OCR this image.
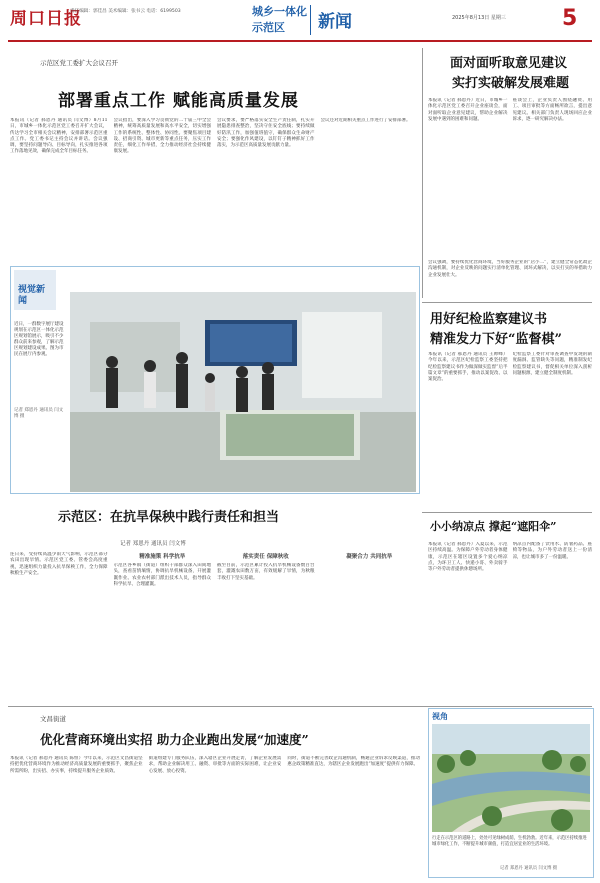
周口日报
责任编辑：郭佳昌 美术编辑：张书云 电话：6199503	城乡一体化
示范区 新闻	2025年8月13日 星期三	5
示范区党工委扩大会议召开
部署重点工作 赋能高质量发展
本报讯（记者 郝恩丹 通讯员 闫文博）8月11日，市城乡一体化示范区党工委召开扩大会议，传达学习全市相关会议精神，安排部署示范区重点工作。党工委书记主持会议并讲话。会议强调，要坚持问题导向、目标导向，扎实推进各项工作落地见效，确保完成全年目标任务。
会议指出，要深入学习贯彻党的二十届三中全会精神，统筹高质量发展和高水平安全，切实增强工作的系统性、整体性、协同性。要聚焦项目建设、招商引资、城市更新等重点任务，压实工作责任，细化工作举措，全力推动经济社会持续健康发展。
会议要求，要严格落实安全生产责任制，扎实开展隐患排查整治，坚决守住安全底线；要持续做好防汛工作，加强值班值守，确保群众生命财产安全；要强化作风建设，以钉钉子精神抓好工作落实，为示范区高质量发展贡献力量。
会议还对近期相关重点工作进行了安排部署。
面对面听取意见建议
实打实破解发展难题
本报讯（记者 郝恩丹）近日，市城乡一体化示范区党工委召开企业座谈会，面对面听取企业意见建议，帮助企业解决发展中遇到的困难和问题。
座谈会上，企业负责人围绕融资、用工、项目审批等方面畅所欲言，提出意见建议。相关部门负责人现场回应企业诉求，逐一研究解决办法。
会议强调，要持续优化营商环境，当好服务企业的“店小二”，建立健全常态化政企沟通机制，对企业反映的问题实行清单化管理、闭环式解决，以实打实的举措助力企业发展壮大。
视觉新闻
近日，一群数字展厅建设规划在示范区一体化示范区规划馆展示，吸引不少群众前来参观，了解示范区规划建设成果。图为市民在展厅内参观。
记者 郑恩丹 通讯员 闫文博 摄
示范区：在抗旱保秧中践行责任和担当
记者 郑恩丹 通讯员 闫文博
连日来，受持续高温少雨天气影响，示范区部分农田出现旱情。示范区党工委、管委会高度重视，迅速组织力量投入抗旱保秧工作，全力保障秋粮生产安全。
精准施策 科学抗旱
示范区各乡镇（街道）组织干部群众深入田间地头，查看苗情墒情，协调抗旱机械设备，开展灌溉作业。农业农村部门派出技术人员，指导群众科学抗旱、合理灌溉。
落实责任 保障秋收
截至目前，示范区累计投入抗旱机械设备数百台套，灌溉农田数万亩，有效缓解了旱情，为秋粮丰收打下坚实基础。
凝聚合力 共同抗旱
用好纪检监察建议书
精准发力下好“监督棋”
本报讯（记者 郝恩丹 通讯员 王帅峰）今年以来，示范区纪检监察工委坚持把纪检监察建议书作为做深做实监督“后半篇文章”的重要抓手，推动以案促改、以案促治。
纪检监察工委针对审查调查中发现的制度漏洞、监管缺失等问题，精准制发纪检监察建议书，督促相关单位深入剖析问题根源，建立健全制度机制。
小小纳凉点 撑起“遮阳伞”
本报讯（记者 郝恩丹）入夏以来，示范区持续高温。为保障户外劳动者身体健康，示范区在辖区设置多个爱心纳凉点，为环卫工人、快递小哥、外卖骑手等户外劳动者提供休憩场所。
纳凉点内配备了饮用水、防暑药品、座椅等物品，为户外劳动者送上一份清凉，也让城市多了一份温暖。
文昌街道
优化营商环境出实招 助力企业跑出发展“加速度”
本报讯（记者 郝恩丹 通讯员 陈恒）今年以来，示范区文昌街道坚持把优化营商环境作为推动经济高质量发展的重要抓手，聚焦企业所需所盼，出实招、办实事，持续提升服务企业质效。
街道组建专门服务队伍，深入辖区企业开展走访，了解企业发展需求，帮助企业解决用工、融资、审批等方面的实际困难，让企业安心发展、放心投资。
同时，街道不断完善政企沟通机制，畅通企业诉求反映渠道，推动惠企政策精准直达，为辖区企业发展跑出“加速度”提供有力保障。
视角
行走在示范区的道路上，处处可见绿树成荫，生机勃勃。近年来，示范区持续推进城市绿化工作，不断提升城市颜值，打造宜居宜业的生活环境。
记者 郑恩丹 通讯员 闫文博 摄
